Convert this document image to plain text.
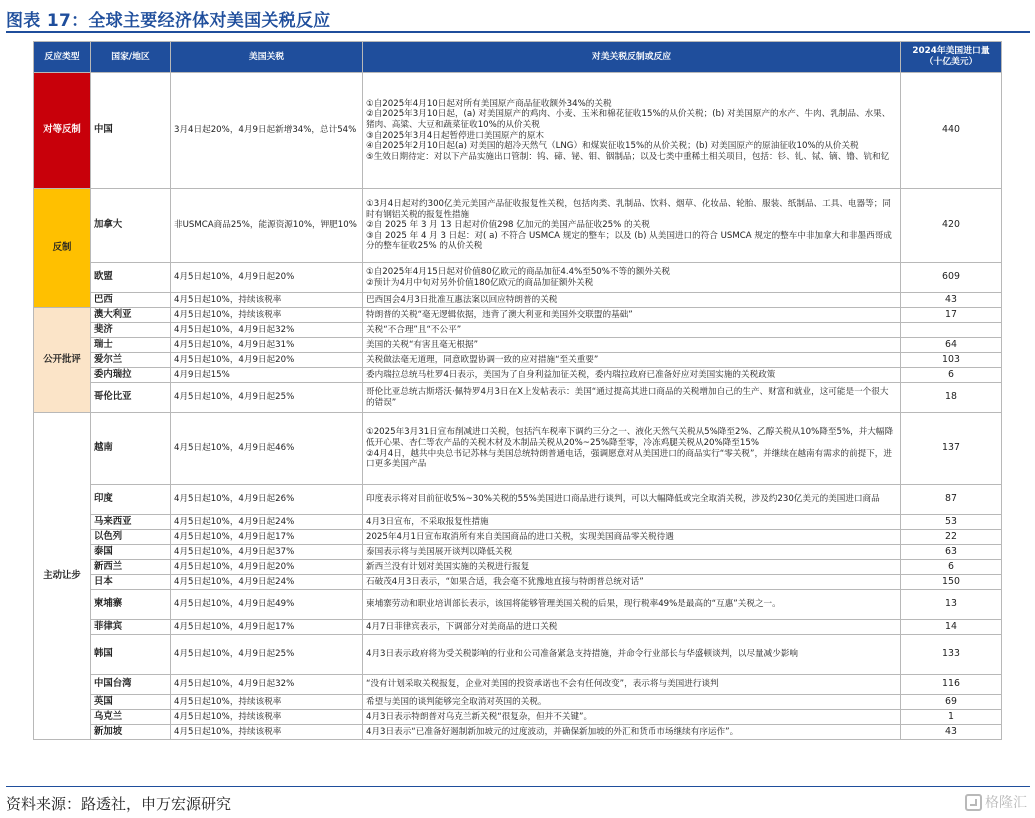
图表 17：全球主要经济体对美国关税反应
反应类型	国家/地区	美国关税	对美关税反制或反应	2024年美国进口量
（十亿美元）
对等反制	中国	3月4日起20%，4月9日起新增34%，总计54%	①自2025年4月10日起对所有美国原产商品征收额外34%的关税
②自2025年3月10日起，(a) 对美国原产的鸡肉、小麦、玉米和棉花征收15%的从价关税；(b) 对美国原产的水产、牛肉、乳制品、水果、猪肉、高粱、大豆和蔬菜征收10%的从价关税
③自2025年3月4日起暂停进口美国原产的原木
④自2025年2月10日起(a) 对美国的超冷天然气（LNG）和煤炭征收15%的从价关税；(b) 对美国原产的原油征收10%的从价关税
⑤生效日期待定：对以下产品实施出口管制：钨、碲、铋、钼、铟制品；以及七类中重稀土相关项目，包括：钐、钆、铽、镝、镥、钪和钇	440
反制	加拿大	非USMCA商品25%，能源资源10%，钾肥10%	①3月4日起对约300亿美元美国产品征收报复性关税，包括肉类、乳制品、饮料、烟草、化妆品、轮胎、服装、纸制品、工具、电器等；同时有钢铝关税的报复性措施
②自 2025 年 3 月 13 日起对价值298 亿加元的美国产品征收25% 的关税
③自 2025 年 4 月 3 日起：对( a) 不符合 USMCA 规定的整车；以及 (b) 从美国进口的符合 USMCA 规定的整车中非加拿大和非墨西哥成分的整车征收25% 的从价关税	420
	欧盟	4月5日起10%，4月9日起20%	①自2025年4月15日起对价值80亿欧元的商品加征4.4%至50%不等的额外关税
②预计为4月中旬对另外价值180亿欧元的商品加征额外关税	609
	巴西	4月5日起10%，持续该税率	巴西国会4月3日批准互惠法案以回应特朗普的关税	43
公开批评	澳大利亚	4月5日起10%，持续该税率	特朗普的关税“毫无逻辑依据，违背了澳大利亚和美国外交联盟的基础”	17
	斐济	4月5日起10%，4月9日起32%	关税“不合理”且“不公平”	
	瑞士	4月5日起10%，4月9日起31%	美国的关税“有害且毫无根据”	64
	爱尔兰	4月5日起10%，4月9日起20%	关税做法毫无道理，同意欧盟协调一致的应对措施“至关重要”	103
	委内瑞拉	4月9日起15%	委内瑞拉总统马杜罗4日表示，美国为了自身利益加征关税，委内瑞拉政府已准备好应对美国实施的关税政策	6
	哥伦比亚	4月5日起10%，4月9日起25%	哥伦比亚总统古斯塔沃·佩特罗4月3日在X上发帖表示：美国“通过提高其进口商品的关税增加自己的生产、财富和就业，这可能是一个很大的错误”	18
主动让步	越南	4月5日起10%，4月9日起46%	①2025年3月31日宣布削减进口关税，包括汽车税率下调约三分之一、液化天然气关税从5%降至2%、乙醇关税从10%降至5%，并大幅降低开心果、杏仁等农产品的关税木材及木制品关税从20%~25%降至零，冷冻鸡腿关税从20%降至15%
②4月4日，越共中央总书记苏林与美国总统特朗普通电话，强调愿意对从美国进口的商品实行“零关税”，并继续在越南有需求的前提下，进口更多美国产品	137
	印度	4月5日起10%，4月9日起26%	印度表示将对目前征收5%~30%关税的55%美国进口商品进行谈判，可以大幅降低或完全取消关税，涉及约230亿美元的美国进口商品	87
	马来西亚	4月5日起10%，4月9日起24%	4月3日宣布，不采取报复性措施	53
	以色列	4月5日起10%，4月9日起17%	2025年4月1日宣布取消所有来自美国商品的进口关税，实现美国商品零关税待遇	22
	泰国	4月5日起10%，4月9日起37%	泰国表示将与美国展开谈判以降低关税	63
	新西兰	4月5日起10%，4月9日起20%	新西兰没有计划对美国实施的关税进行报复	6
	日本	4月5日起10%，4月9日起24%	石破茂4月3日表示，“如果合适，我会毫不犹豫地直接与特朗普总统对话”	150
	柬埔寨	4月5日起10%，4月9日起49%	柬埔寨劳动和职业培训部长表示，该国将能够管理美国关税的后果，现行税率49%是最高的“互惠”关税之一。	13
	菲律宾	4月5日起10%，4月9日起17%	4月7日菲律宾表示，下调部分对美商品的进口关税	14
	韩国	4月5日起10%，4月9日起25%	4月3日表示政府将为受关税影响的行业和公司准备紧急支持措施，并命令行业部长与华盛顿谈判，以尽量减少影响	133
	中国台湾	4月5日起10%，4月9日起32%	“没有计划采取关税报复，企业对美国的投资承诺也不会有任何改变”，表示将与美国进行谈判	116
	英国	4月5日起10%，持续该税率	希望与美国的谈判能够完全取消对英国的关税。	69
	乌克兰	4月5日起10%，持续该税率	4月3日表示特朗普对乌克兰新关税“很复杂，但并不关键”。	1
	新加坡	4月5日起10%，持续该税率	4月3日表示“已准备好遏制新加坡元的过度波动，并确保新加坡的外汇和货币市场继续有序运作”。	43
资料来源：路透社，申万宏源研究	格隆汇
